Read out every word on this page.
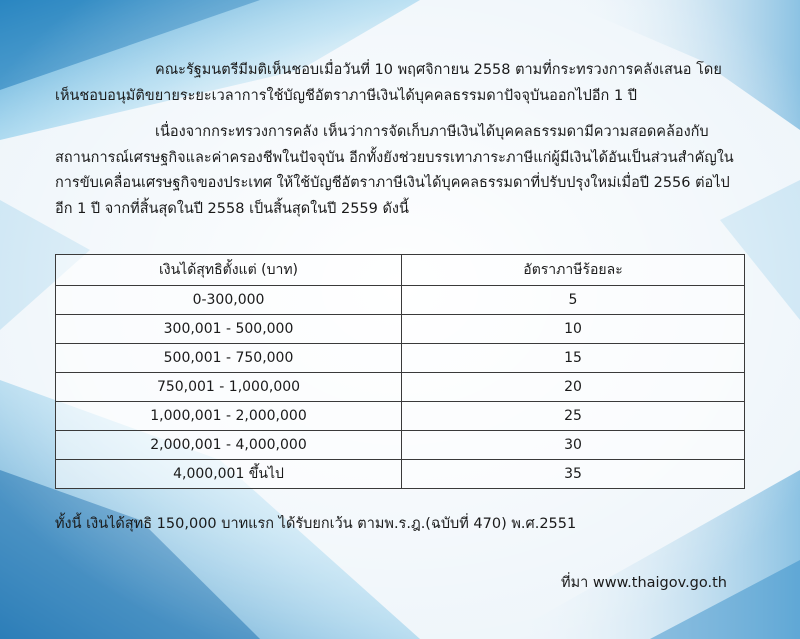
คณะรัฐมนตรีมีมติเห็นชอบเมื่อวันที่ 10 พฤศจิกายน 2558 ตามที่กระทรวงการคลังเสนอ โดยเห็นชอบอนุมัติขยายระยะเวลาการใช้บัญชีอัตราภาษีเงินได้บุคคลธรรมดาปัจจุบันออกไปอีก 1 ปี

เนื่องจากกระทรวงการคลัง เห็นว่าการจัดเก็บภาษีเงินได้บุคคลธรรมดามีความสอดคล้องกับสถานการณ์เศรษฐกิจและค่าครองชีพในปัจจุบัน อีกทั้งยังช่วยบรรเทาภาระภาษีแก่ผู้มีเงินได้อันเป็นส่วนสำคัญในการขับเคลื่อนเศรษฐกิจของประเทศ ให้ใช้บัญชีอัตราภาษีเงินได้บุคคลธรรมดาที่ปรับปรุงใหม่เมื่อปี 2556 ต่อไปอีก 1 ปี จากที่สิ้นสุดในปี 2558 เป็นสิ้นสุดในปี 2559 ดังนี้

เงินได้สุทธิตั้งแต่ (บาท)	อัตราภาษีร้อยละ
0-300,000	5
300,001 - 500,000	10
500,001 - 750,000	15
750,001 - 1,000,000	20
1,000,001 - 2,000,000	25
2,000,001 - 4,000,000	30
4,000,001 ขึ้นไป	35

ทั้งนี้ เงินได้สุทธิ 150,000 บาทแรก ได้รับยกเว้น ตามพ.ร.ฎ.(ฉบับที่ 470) พ.ศ.2551

ที่มา www.thaigov.go.th
